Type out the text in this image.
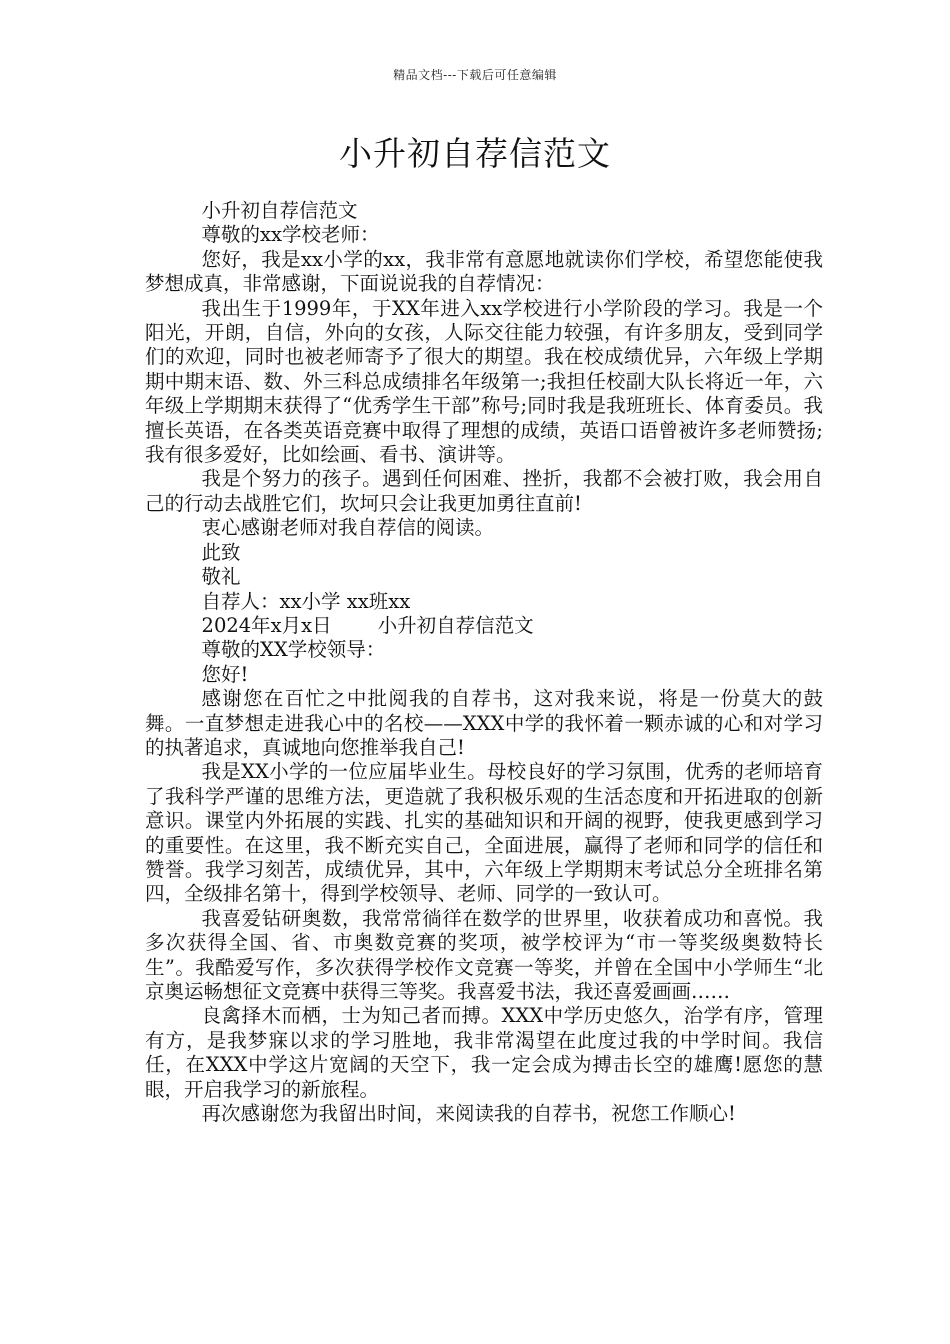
精品文档---下载后可任意编辑
小升初自荐信范文

小升初自荐信范文

尊敬的xx学校老师：

您好，我是xx小学的xx，我非常有意愿地就读你们学校，希望您能使我梦想成真，非常感谢，下面说说我的自荐情况：

我出生于1999年，于XX年进入xx学校进行小学阶段的学习。我是一个阳光，开朗，自信，外向的女孩，人际交往能力较强，有许多朋友，受到同学们的欢迎，同时也被老师寄予了很大的期望。我在校成绩优异，六年级上学期期中期末语、数、外三科总成绩排名年级第一;我担任校副大队长将近一年，六年级上学期期末获得了“优秀学生干部”称号;同时我是我班班长、体育委员。我擅长英语，在各类英语竞赛中取得了理想的成绩，英语口语曾被许多老师赞扬;我有很多爱好，比如绘画、看书、演讲等。

我是个努力的孩子。遇到任何困难、挫折，我都不会被打败，我会用自己的行动去战胜它们，坎坷只会让我更加勇往直前!

衷心感谢老师对我自荐信的阅读。

此致

敬礼

自荐人：xx小学 xx班xx

2024年x月x日 小升初自荐信范文

尊敬的XX学校领导：

您好!

感谢您在百忙之中批阅我的自荐书，这对我来说，将是一份莫大的鼓舞。一直梦想走进我心中的名校——XXX中学的我怀着一颗赤诚的心和对学习的执著追求，真诚地向您推举我自己!

我是XX小学的一位应届毕业生。母校良好的学习氛围，优秀的老师培育了我科学严谨的思维方法，更造就了我积极乐观的生活态度和开拓进取的创新意识。课堂内外拓展的实践、扎实的基础知识和开阔的视野，使我更感到学习的重要性。在这里，我不断充实自己，全面进展，赢得了老师和同学的信任和赞誉。我学习刻苦，成绩优异，其中，六年级上学期期末考试总分全班排名第四，全级排名第十，得到学校领导、老师、同学的一致认可。

我喜爱钻研奥数，我常常徜徉在数学的世界里，收获着成功和喜悦。我多次获得全国、省、市奥数竞赛的奖项，被学校评为“市一等奖级奥数特长生”。我酷爱写作，多次获得学校作文竞赛一等奖，并曾在全国中小学师生“北京奥运畅想征文竞赛中获得三等奖。我喜爱书法，我还喜爱画画……

良禽择木而栖，士为知己者而搏。XXX中学历史悠久，治学有序，管理有方，是我梦寐以求的学习胜地，我非常渴望在此度过我的中学时间。我信任，在XXX中学这片宽阔的天空下，我一定会成为搏击长空的雄鹰!愿您的慧眼，开启我学习的新旅程。

再次感谢您为我留出时间，来阅读我的自荐书，祝您工作顺心!
